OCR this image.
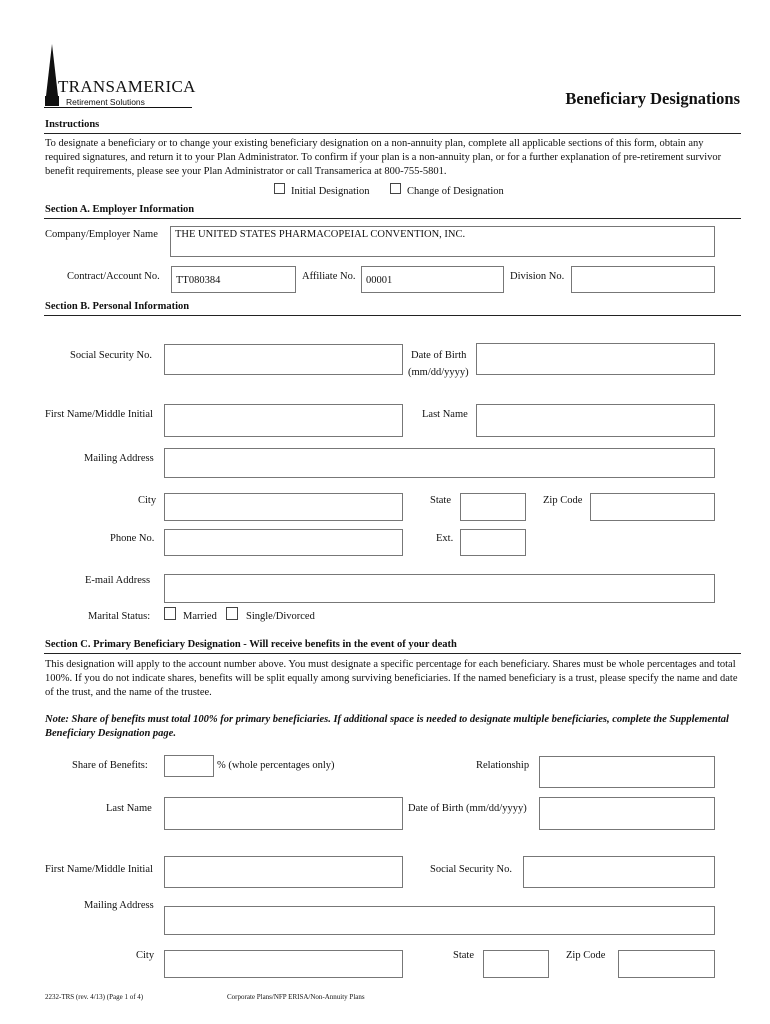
TRANSAMERICA
Retirement Solutions	Beneficiary Designations
Instructions
To designate a beneficiary or to change your existing beneficiary designation on a non-annuity plan, complete all applicable sections of this form, obtain any required signatures, and return it to your Plan Administrator. To confirm if your plan is a non-annuity plan, or for a further explanation of pre-retirement survivor benefit requirements, please see your Plan Administrator or call Transamerica at 800-755-5801.
Initial Designation	Change of Designation
Section A. Employer Information
Company/Employer Name	THE UNITED STATES PHARMACOPEIAL CONVENTION, INC.
Contract/Account No.	TT080384	Affiliate No.	00001	Division No.
Section B. Personal Information
Social Security No.	Date of Birth
(mm/dd/yyyy)
First Name/Middle Initial	Last Name
Mailing Address
City	State	Zip Code
Phone No.	Ext.
E-mail Address
Marital Status:	Married	Single/Divorced
Section C. Primary Beneficiary Designation - Will receive benefits in the event of your death
This designation will apply to the account number above. You must designate a specific percentage for each beneficiary. Shares must be whole percentages and total 100%. If you do not indicate shares, benefits will be split equally among surviving beneficiaries. If the named beneficiary is a trust, please specify the name and date of the trust, and the name of the trustee.
Note: Share of benefits must total 100% for primary beneficiaries. If additional space is needed to designate multiple beneficiaries, complete the Supplemental Beneficiary Designation page.
Share of Benefits:	% (whole percentages only)	Relationship
Last Name	Date of Birth (mm/dd/yyyy)
First Name/Middle Initial	Social Security No.
Mailing Address
City	State	Zip Code
2232-TRS (rev. 4/13) (Page 1 of 4)	Corporate Plans/NFP ERISA/Non-Annuity Plans
